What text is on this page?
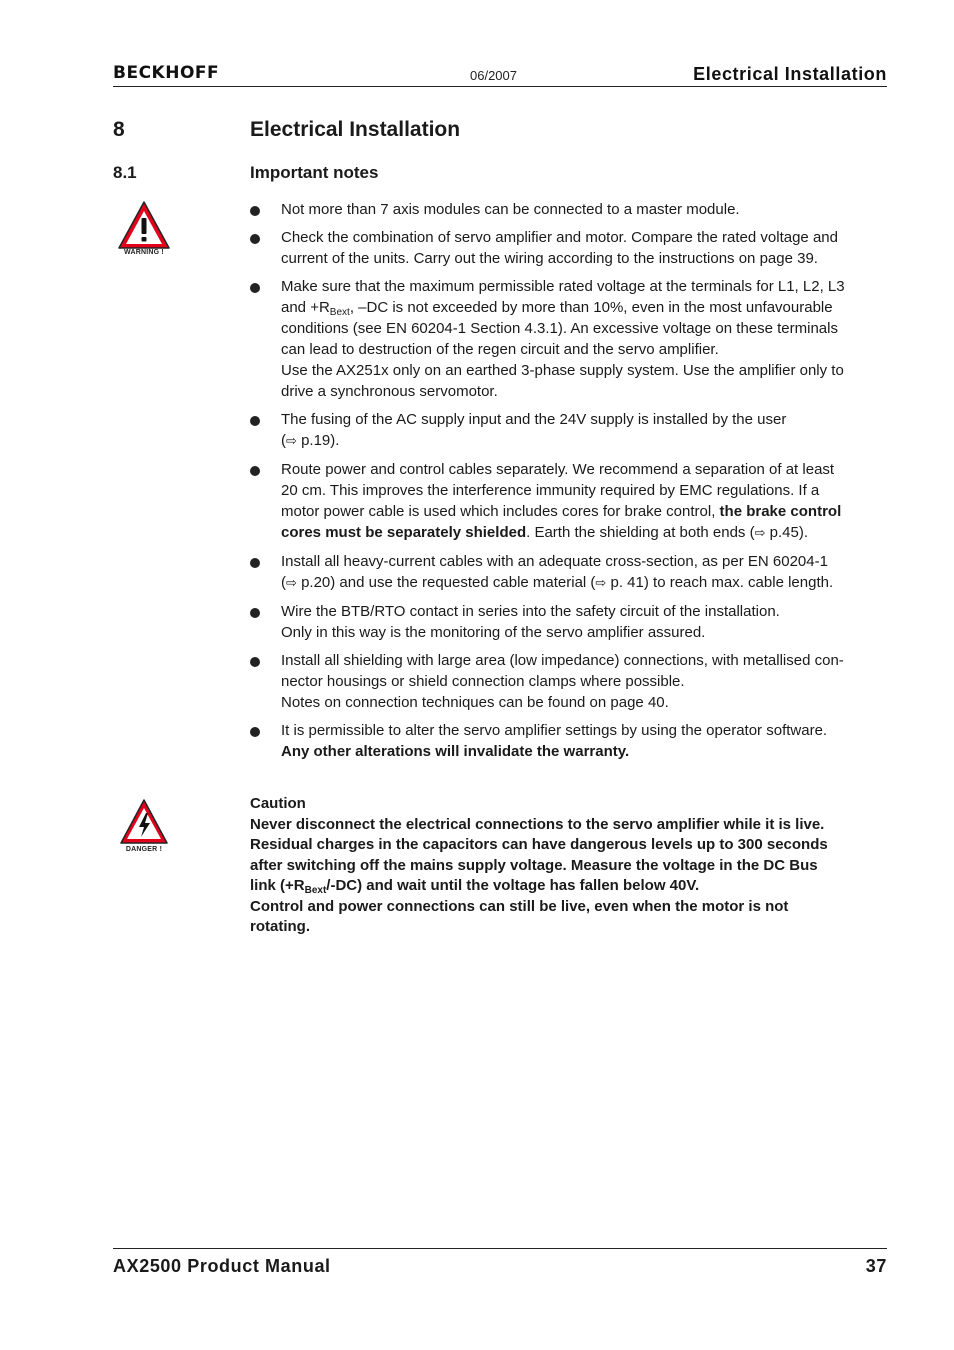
BECKHOFF	06/2007	Electrical Installation
8	Electrical Installation
8.1	Important notes
WARNING !
Not more than 7 axis modules can be connected to a master module.
Check the combination of servo amplifier and motor. Compare the rated voltage and
current of the units. Carry out the wiring according to the instructions on page 39.
Make sure that the maximum permissible rated voltage at the terminals for L1, L2, L3
and $+R_{Bext}$, –DC is not exceeded by more than 10%, even in the most unfavourable
conditions (see EN 60204-1 Section 4.3.1). An excessive voltage on these terminals
can lead to destruction of the regen circuit and the servo amplifier.
Use the AX251x only on an earthed 3-phase supply system. Use the amplifier only to
drive a synchronous servomotor.
The fusing of the AC supply input and the 24V supply is installed by the user
(⇨ p.19).
Route power and control cables separately. We recommend a separation of at least
20 cm. This improves the interference immunity required by EMC regulations. If a
motor power cable is used which includes cores for brake control, the brake control
cores must be separately shielded. Earth the shielding at both ends (⇨ p.45).
Install all heavy-current cables with an adequate cross-section, as per EN 60204-1
(⇨ p.20) and use the requested cable material (⇨ p. 41) to reach max. cable length.
Wire the BTB/RTO contact in series into the safety circuit of the installation.
Only in this way is the monitoring of the servo amplifier assured.
Install all shielding with large area (low impedance) connections, with metallised con-
nector housings or shield connection clamps where possible.
Notes on connection techniques can be found on page 40.
It is permissible to alter the servo amplifier settings by using the operator software.
Any other alterations will invalidate the warranty.
DANGER !
Caution
Never disconnect the electrical connections to the servo amplifier while it is live.
Residual charges in the capacitors can have dangerous levels up to 300 seconds
after switching off the mains supply voltage. Measure the voltage in the DC Bus
link $(+R_{Bext}/-DC)$ and wait until the voltage has fallen below 40V.
Control and power connections can still be live, even when the motor is not
rotating.
AX2500 Product Manual	37
